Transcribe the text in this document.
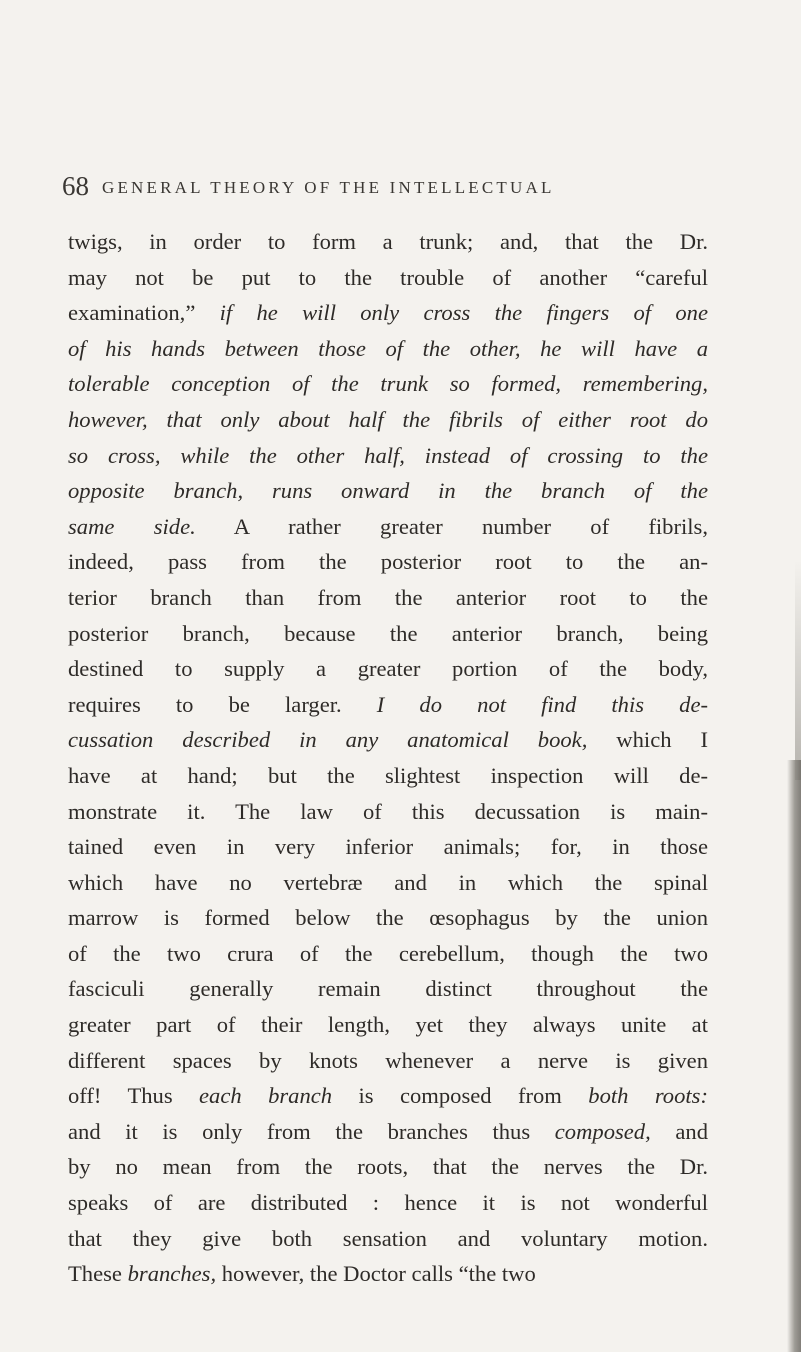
68 GENERAL THEORY OF THE INTELLECTUAL
twigs, in order to form a trunk; and, that the Dr.
may not be put to the trouble of another “careful
examination,” if he will only cross the fingers of one
of his hands between those of the other, he will have a
tolerable conception of the trunk so formed, remembering,
however, that only about half the fibrils of either root do
so cross, while the other half, instead of crossing to the
opposite branch, runs onward in the branch of the
same side. A rather greater number of fibrils,
indeed, pass from the posterior root to the an-
terior branch than from the anterior root to the
posterior branch, because the anterior branch, being
destined to supply a greater portion of the body,
requires to be larger. I do not find this de-
cussation described in any anatomical book, which I
have at hand; but the slightest inspection will de-
monstrate it. The law of this decussation is main-
tained even in very inferior animals; for, in those
which have no vertebræ and in which the spinal
marrow is formed below the œsophagus by the union
of the two crura of the cerebellum, though the two
fasciculi generally remain distinct throughout the
greater part of their length, yet they always unite at
different spaces by knots whenever a nerve is given
off! Thus each branch is composed from both roots:
and it is only from the branches thus composed, and
by no mean from the roots, that the nerves the Dr.
speaks of are distributed : hence it is not wonderful
that they give both sensation and voluntary motion.
These branches, however, the Doctor calls “the two
